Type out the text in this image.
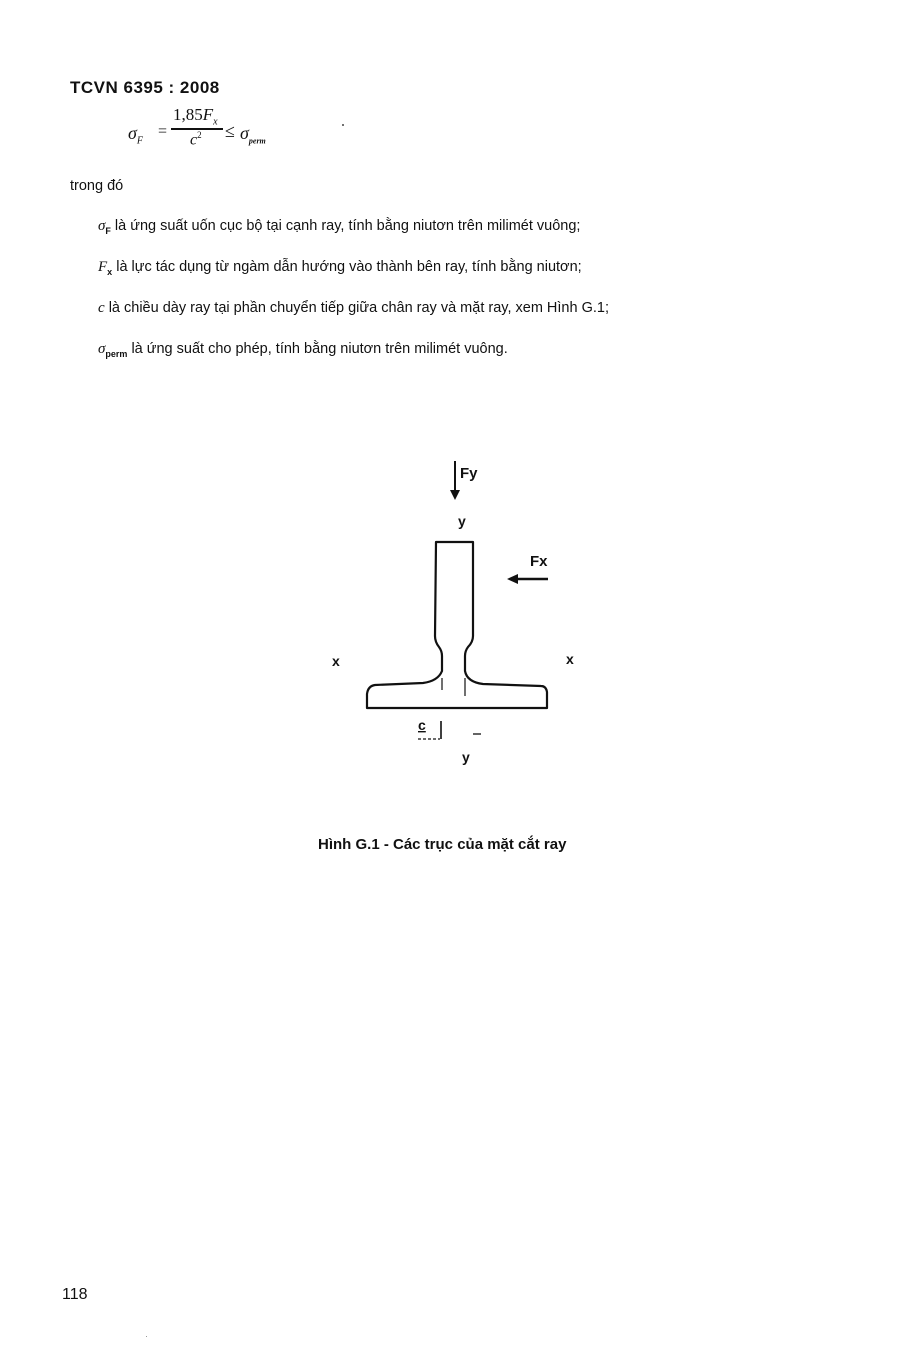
TCVN 6395 : 2008
$\sigma_F$
=
$1,85F_x$
$c^2 \le \sigma_{perm}$
trong đó
$\sigma_F$ là ứng suất uốn cục bộ tại cạnh ray, tính bằng niutơn trên milimét vuông;
$F_x$ là lực tác dụng từ ngàm dẫn hướng vào thành bên ray, tính bằng niutơn;
c là chiều dày ray tại phần chuyển tiếp giữa chân ray và mặt ray, xem Hình G.1;
$\sigma_{perm}$ là ứng suất cho phép, tính bằng niutơn trên milimét vuông.
Fy
y
Fx
x	x
c
y
Hình G.1 - Các trục của mặt cắt ray
118
